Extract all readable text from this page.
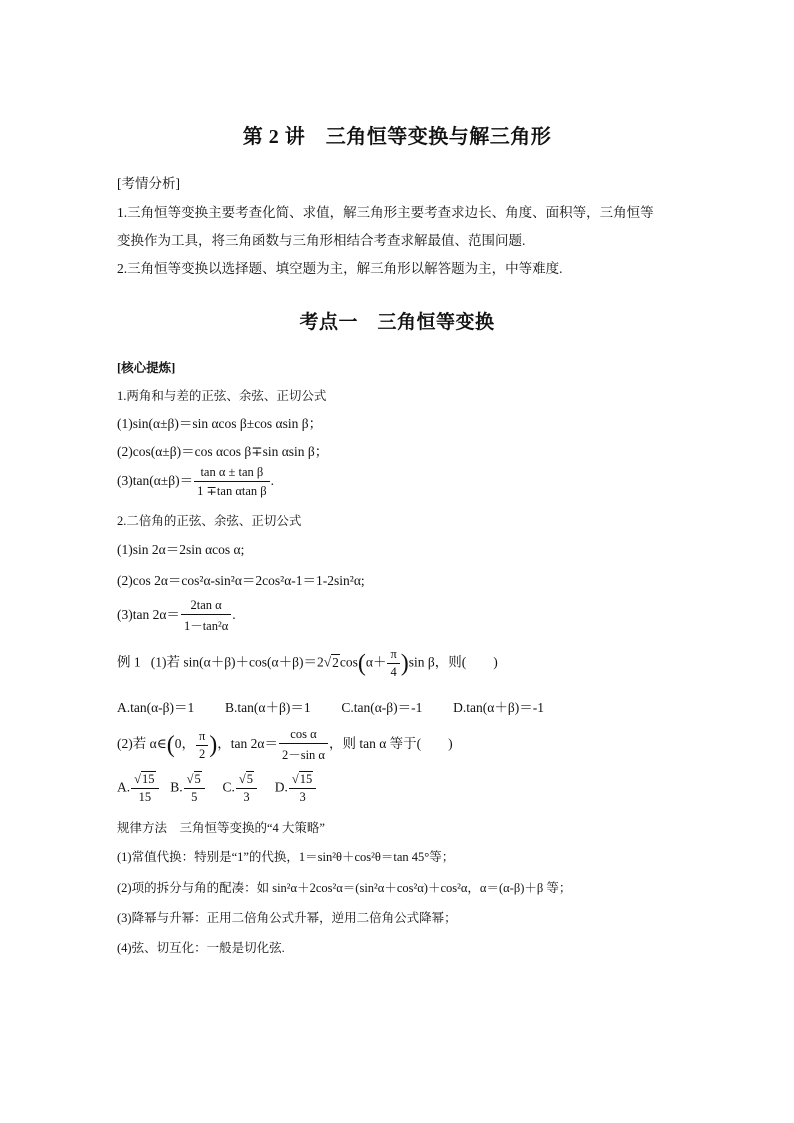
第 2 讲　三角恒等变换与解三角形
[考情分析]
1.三角恒等变换主要考查化简、求值，解三角形主要考查求边长、角度、面积等，三角恒等
变换作为工具，将三角函数与三角形相结合考查求解最值、范围问题.
2.三角恒等变换以选择题、填空题为主，解三角形以解答题为主，中等难度.
考点一　三角恒等变换
[核心提炼]
1.两角和与差的正弦、余弦、正切公式
(1)sin(α±β)＝sin αcos β±cos αsin β；
(2)cos(α±β)＝cos αcos β∓sin αsin β；
$(3)\tan(\alpha\pm\beta)= \frac{\text{tan α ± tan β}}{\text{1 ∓tan αtan β}}$ .
2.二倍角的正弦、余弦、正切公式
(1)sin 2α＝2sin αcos α;
(2)cos 2α＝cos²α-sin²α＝2cos²α-1＝1-2sin²α;
(3)tan $2\alpha= \frac{\text{2tan α}}{\text{1－tan²α}}$ .
例 1 (1)若 $\sin(\alpha+\beta)+\cos(\alpha+\beta)=2√2\cos(\alpha+ \frac{\pi}{4} )\sin$ β，则(　　)
A.tan(α-β)＝1 B.tan(α＋β)＝1 C.tan(α-β)＝-1 D.tan(α＋β)＝-1
(2)若 α∈(0， $\frac{\pi}{2}$ )，$\tan 2\alpha= \frac{\text{cos α}}{\text{2－sin α}}$ ，则 tan α 等于(　　)
A. $\frac{√15}{15} B$. $\frac{√5}{5} C$. $\frac{√5}{3} D$. $\frac{√15}{3}$
规律方法　三角恒等变换的“4 大策略”
(1)常值代换：特别是“1”的代换，1＝sin²θ＋cos²θ＝tan 45°等；
(2)项的拆分与角的配凑：如 sin²α＋2cos²α＝(sin²α＋cos²α)＋cos²α，α＝(α-β)＋β 等；
(3)降幂与升幂：正用二倍角公式升幂，逆用二倍角公式降幂；
(4)弦、切互化：一般是切化弦.
